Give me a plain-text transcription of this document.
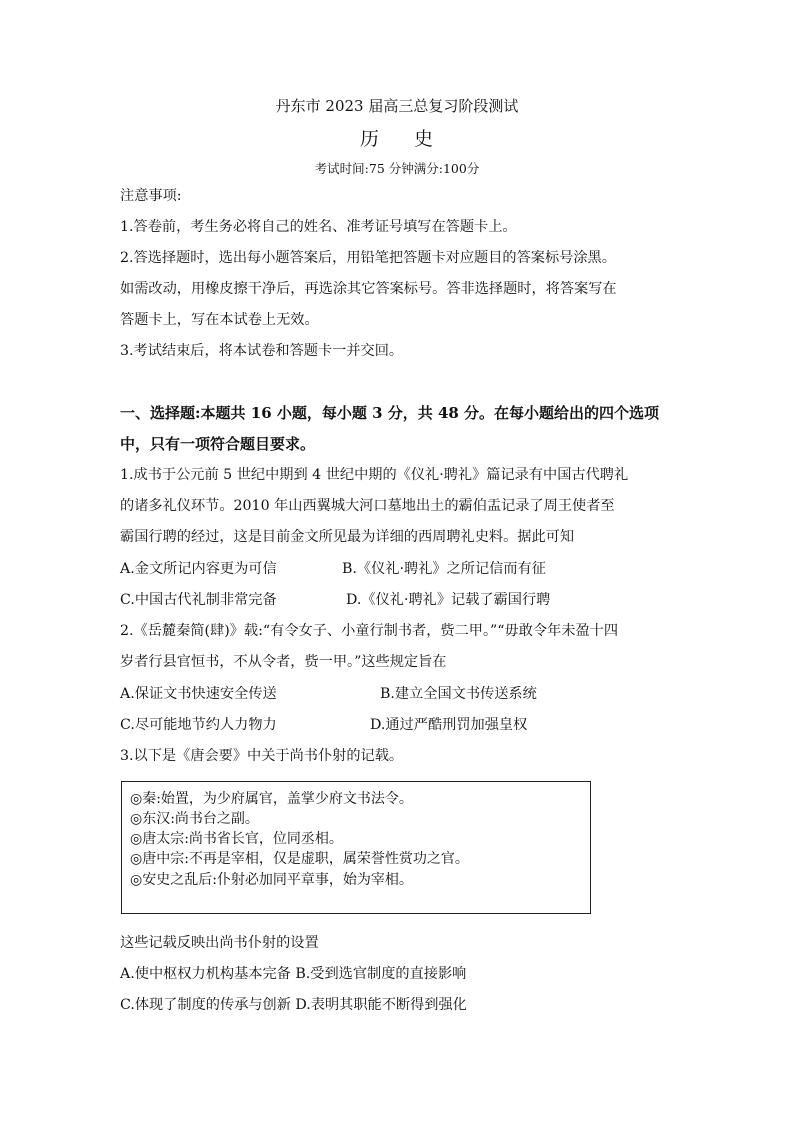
丹东市 2023 届高三总复习阶段测试
历 史
考试时间:75 分钟满分:100分
注意事项:
1.答卷前，考生务必将自己的姓名、准考证号填写在答题卡上。
2.答选择题时，选出每小题答案后，用铅笔把答题卡对应题目的答案标号涂黑。
如需改动，用橡皮擦干净后，再选涂其它答案标号。答非选择题时，将答案写在
答题卡上，写在本试卷上无效。
3.考试结束后，将本试卷和答题卡一并交回。
一、选择题:本题共 16 小题，每小题 3 分，共 48 分。在每小题给出的四个选项
中，只有一项符合题目要求。
1.成书于公元前 5 世纪中期到 4 世纪中期的《仪礼·聘礼》篇记录有中国古代聘礼
的诸多礼仪环节。2010 年山西翼城大河口墓地出土的霸伯盂记录了周王使者至
霸国行聘的经过，这是目前金文所见最为详细的西周聘礼史料。据此可知
A.金文所记内容更为可信	B.《仪礼·聘礼》之所记信而有征
C.中国古代礼制非常完备	D.《仪礼·聘礼》记载了霸国行聘
2.《岳麓秦简(肆)》载:“有令女子、小童行制书者，赀二甲。”“毋敢令年未盈十四
岁者行县官恒书，不从令者，赀一甲。”这些规定旨在
A.保证文书快速安全传送	B.建立全国文书传送系统
C.尽可能地节约人力物力	D.通过严酷刑罚加强皇权
3.以下是《唐会要》中关于尚书仆射的记载。
◎秦:始置，为少府属官，盖掌少府文书法令。
◎东汉:尚书台之副。
◎唐太宗:尚书省长官，位同丞相。
◎唐中宗:不再是宰相，仅是虚职，属荣誉性赏功之官。
◎安史之乱后:仆射必加同平章事，始为宰相。
这些记载反映出尚书仆射的设置
A.使中枢权力机构基本完备 B.受到选官制度的直接影响
C.体现了制度的传承与创新 D.表明其职能不断得到强化
